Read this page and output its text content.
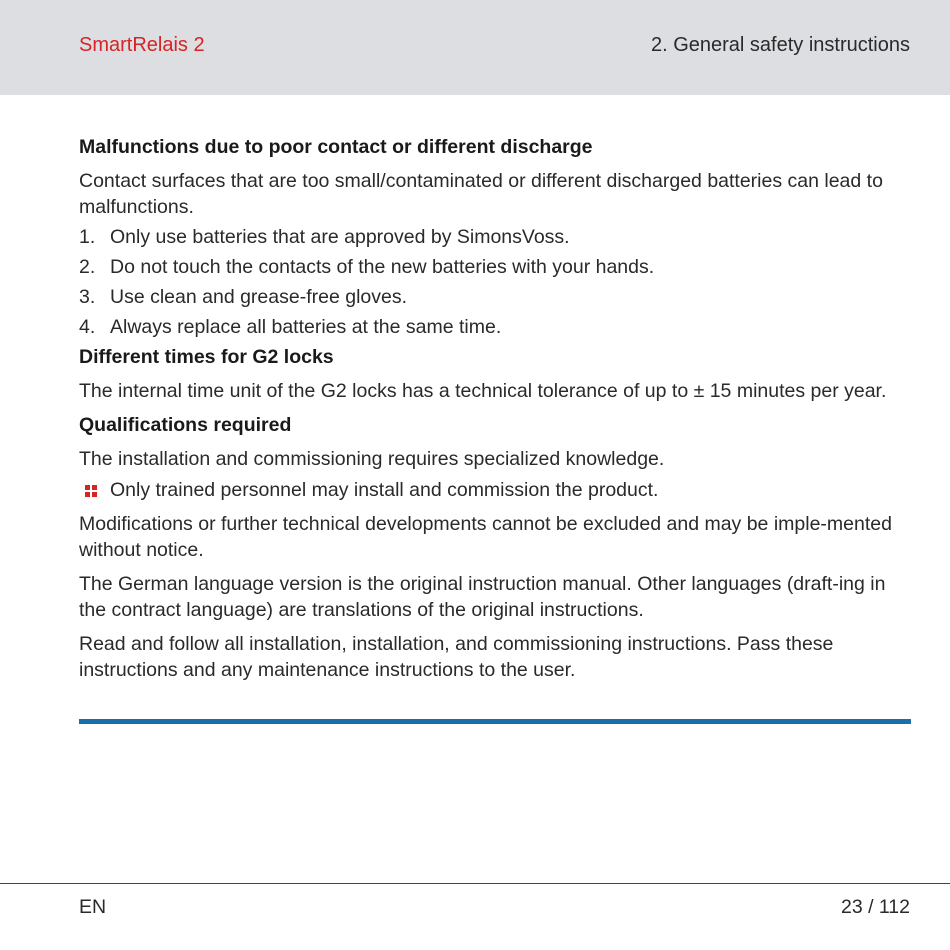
SmartRelais 2	2. General safety instructions

Malfunctions due to poor contact or different discharge

Contact surfaces that are too small/contaminated or different discharged batteries can lead to malfunctions.

1. Only use batteries that are approved by SimonsVoss.
2. Do not touch the contacts of the new batteries with your hands.
3. Use clean and grease-free gloves.
4. Always replace all batteries at the same time.

Different times for G2 locks

The internal time unit of the G2 locks has a technical tolerance of up to ± 15 minutes per year.

Qualifications required

The installation and commissioning requires specialized knowledge.

Only trained personnel may install and commission the product.

Modifications or further technical developments cannot be excluded and may be imple-mented without notice.

The German language version is the original instruction manual. Other languages (draft-ing in the contract language) are translations of the original instructions.

Read and follow all installation, installation, and commissioning instructions. Pass these instructions and any maintenance instructions to the user.

EN	23 / 112
